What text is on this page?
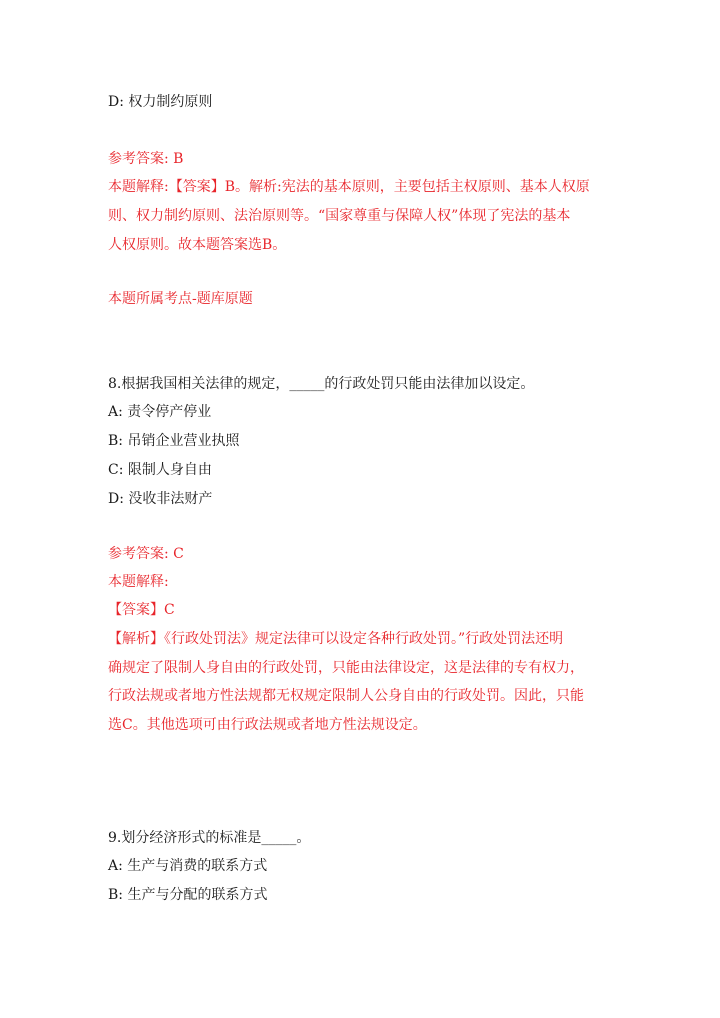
D: 权力制约原则
参考答案: B
本题解释:【答案】B。解析:宪法的基本原则，主要包括主权原则、基本人权原
则、权力制约原则、法治原则等。“国家尊重与保障人权”体现了宪法的基本
人权原则。故本题答案选B。
本题所属考点-题库原题
8.根据我国相关法律的规定，_____的行政处罚只能由法律加以设定。
A: 责令停产停业
B: 吊销企业营业执照
C: 限制人身自由
D: 没收非法财产
参考答案: C
本题解释:
【答案】C
【解析】《行政处罚法》规定法律可以设定各种行政处罚。”行政处罚法还明
确规定了限制人身自由的行政处罚，只能由法律设定，这是法律的专有权力，
行政法规或者地方性法规都无权规定限制人公身自由的行政处罚。因此，只能
选C。其他选项可由行政法规或者地方性法规设定。
9.划分经济形式的标准是_____。
A: 生产与消费的联系方式
B: 生产与分配的联系方式
